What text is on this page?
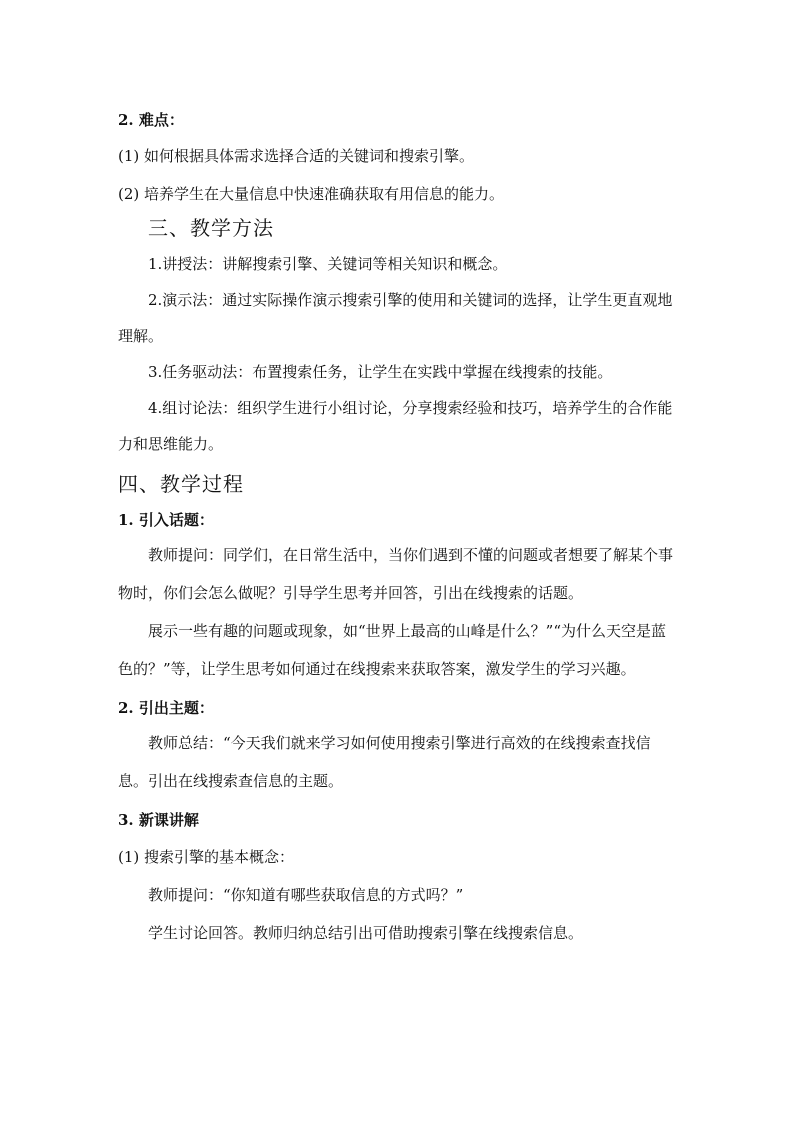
2. 难点：
(1) 如何根据具体需求选择合适的关键词和搜索引擎。
(2) 培养学生在大量信息中快速准确获取有用信息的能力。
三、教学方法
1.讲授法：讲解搜索引擎、关键词等相关知识和概念。

2.演示法：通过实际操作演示搜索引擎的使用和关键词的选择，让学生更直观地理解。

3.任务驱动法：布置搜索任务，让学生在实践中掌握在线搜索的技能。

4.组讨论法：组织学生进行小组讨论，分享搜索经验和技巧，培养学生的合作能力和思维能力。

四、教学过程
1. 引入话题：

教师提问：同学们，在日常生活中，当你们遇到不懂的问题或者想要了解某个事物时，你们会怎么做呢？引导学生思考并回答，引出在线搜索的话题。

展示一些有趣的问题或现象，如“世界上最高的山峰是什么？”“为什么天空是蓝色的？”等，让学生思考如何通过在线搜索来获取答案，激发学生的学习兴趣。

2. 引出主题：

教师总结：“今天我们就来学习如何使用搜索引擎进行高效的在线搜索查找信息。引出在线搜索查信息的主题。

3. 新课讲解
(1) 搜索引擎的基本概念：
教师提问：“你知道有哪些获取信息的方式吗？”
学生讨论回答。教师归纳总结引出可借助搜索引擎在线搜索信息。
